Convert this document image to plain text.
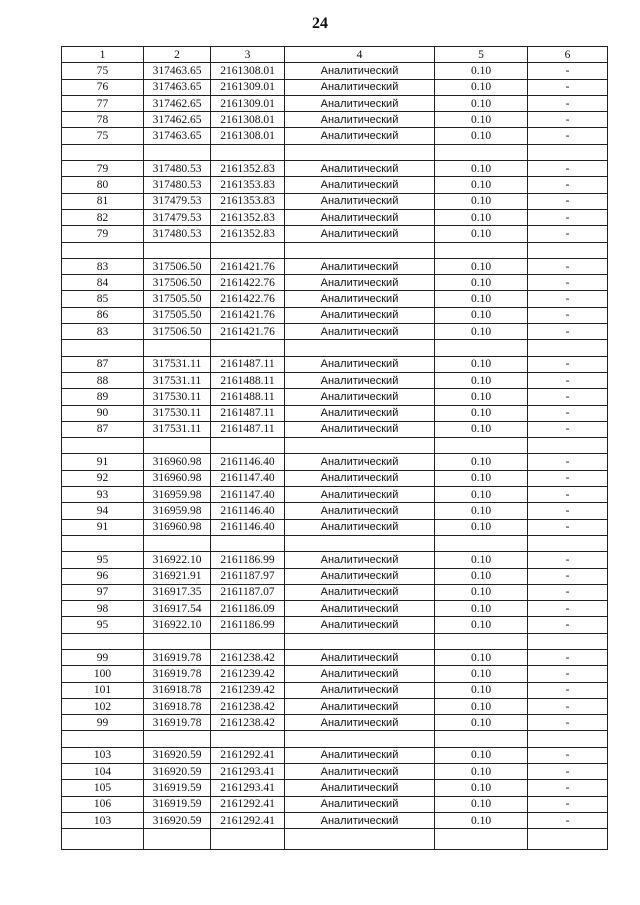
24
1	2	3	4	5	6
75	317463.65	2161308.01	Аналитический	0.10	-
76	317463.65	2161309.01	Аналитический	0.10	-
77	317462.65	2161309.01	Аналитический	0.10	-
78	317462.65	2161308.01	Аналитический	0.10	-
75	317463.65	2161308.01	Аналитический	0.10	-

79	317480.53	2161352.83	Аналитический	0.10	-
80	317480.53	2161353.83	Аналитический	0.10	-
81	317479.53	2161353.83	Аналитический	0.10	-
82	317479.53	2161352.83	Аналитический	0.10	-
79	317480.53	2161352.83	Аналитический	0.10	-

83	317506.50	2161421.76	Аналитический	0.10	-
84	317506.50	2161422.76	Аналитический	0.10	-
85	317505.50	2161422.76	Аналитический	0.10	-
86	317505.50	2161421.76	Аналитический	0.10	-
83	317506.50	2161421.76	Аналитический	0.10	-

87	317531.11	2161487.11	Аналитический	0.10	-
88	317531.11	2161488.11	Аналитический	0.10	-
89	317530.11	2161488.11	Аналитический	0.10	-
90	317530.11	2161487.11	Аналитический	0.10	-
87	317531.11	2161487.11	Аналитический	0.10	-

91	316960.98	2161146.40	Аналитический	0.10	-
92	316960.98	2161147.40	Аналитический	0.10	-
93	316959.98	2161147.40	Аналитический	0.10	-
94	316959.98	2161146.40	Аналитический	0.10	-
91	316960.98	2161146.40	Аналитический	0.10	-

95	316922.10	2161186.99	Аналитический	0.10	-
96	316921.91	2161187.97	Аналитический	0.10	-
97	316917.35	2161187.07	Аналитический	0.10	-
98	316917.54	2161186.09	Аналитический	0.10	-
95	316922.10	2161186.99	Аналитический	0.10	-

99	316919.78	2161238.42	Аналитический	0.10	-
100	316919.78	2161239.42	Аналитический	0.10	-
101	316918.78	2161239.42	Аналитический	0.10	-
102	316918.78	2161238.42	Аналитический	0.10	-
99	316919.78	2161238.42	Аналитический	0.10	-

103	316920.59	2161292.41	Аналитический	0.10	-
104	316920.59	2161293.41	Аналитический	0.10	-
105	316919.59	2161293.41	Аналитический	0.10	-
106	316919.59	2161292.41	Аналитический	0.10	-
103	316920.59	2161292.41	Аналитический	0.10	-
